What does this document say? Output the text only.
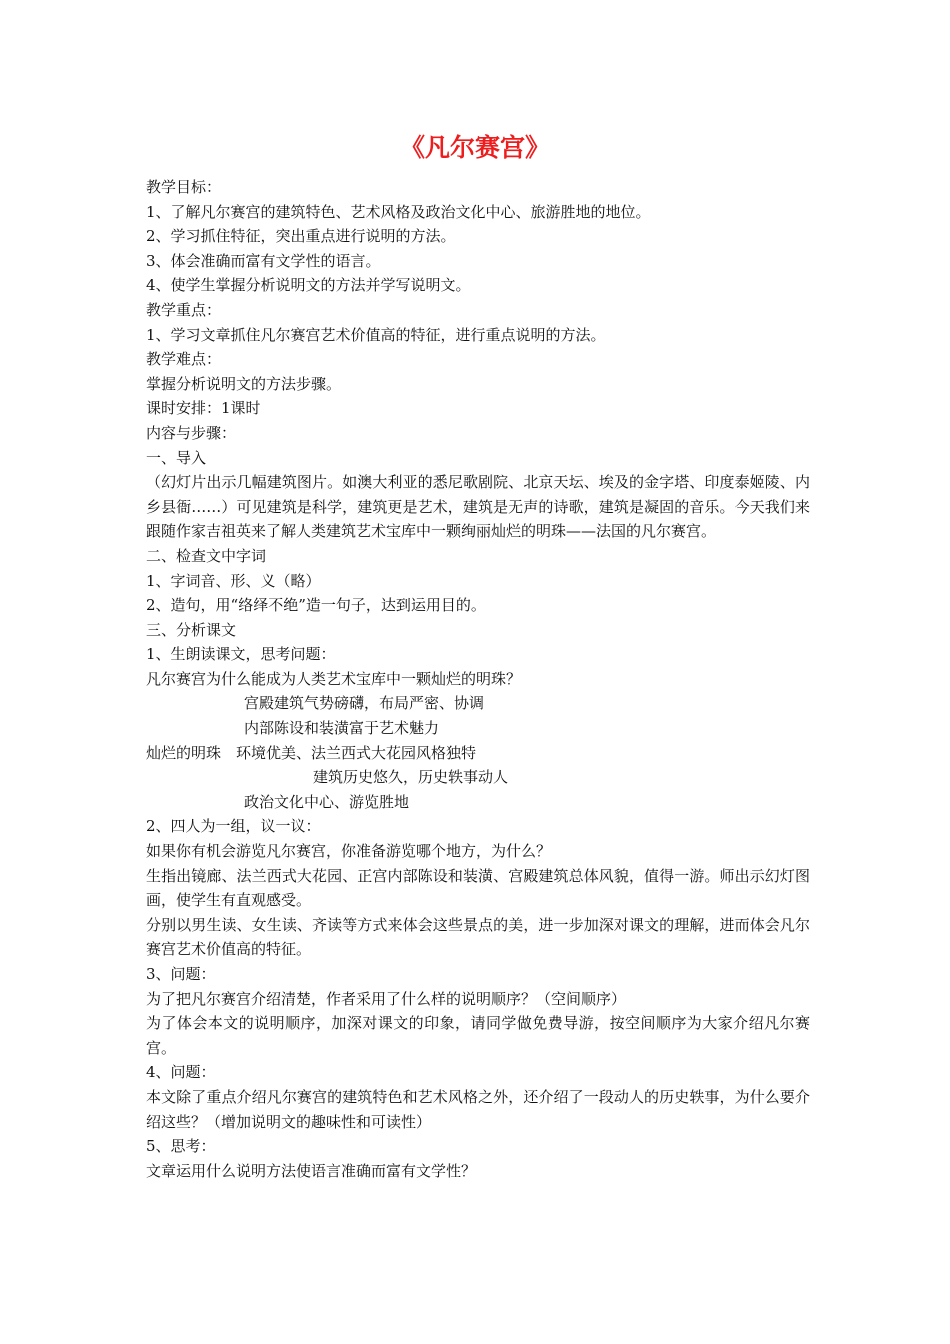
《凡尔赛宫》

教学目标：

1、了解凡尔赛宫的建筑特色、艺术风格及政治文化中心、旅游胜地的地位。

2、学习抓住特征，突出重点进行说明的方法。

3、体会准确而富有文学性的语言。

4、使学生掌握分析说明文的方法并学写说明文。

教学重点：

1、学习文章抓住凡尔赛宫艺术价值高的特征，进行重点说明的方法。

教学难点：

掌握分析说明文的方法步骤。

课时安排：1课时

内容与步骤：

一、导入

（幻灯片出示几幅建筑图片。如澳大利亚的悉尼歌剧院、北京天坛、埃及的金字塔、印度泰姬陵、内乡县衙……）可见建筑是科学，建筑更是艺术，建筑是无声的诗歌，建筑是凝固的音乐。今天我们来跟随作家吉祖英来了解人类建筑艺术宝库中一颗绚丽灿烂的明珠——法国的凡尔赛宫。

二、检查文中字词

1、字词音、形、义（略）

2、造句，用“络绎不绝”造一句子，达到运用目的。

三、分析课文

1、生朗读课文，思考问题：

凡尔赛宫为什么能成为人类艺术宝库中一颗灿烂的明珠？

宫殿建筑气势磅礴，布局严密、协调

内部陈设和装潢富于艺术魅力

灿烂的明珠　环境优美、法兰西式大花园风格独特

建筑历史悠久，历史轶事动人

政治文化中心、游览胜地

2、四人为一组，议一议：

如果你有机会游览凡尔赛宫，你准备游览哪个地方，为什么？

生指出镜廊、法兰西式大花园、正宫内部陈设和装潢、宫殿建筑总体风貌，值得一游。师出示幻灯图画，使学生有直观感受。

分别以男生读、女生读、齐读等方式来体会这些景点的美，进一步加深对课文的理解，进而体会凡尔赛宫艺术价值高的特征。

3、问题：

为了把凡尔赛宫介绍清楚，作者采用了什么样的说明顺序？（空间顺序）

为了体会本文的说明顺序，加深对课文的印象，请同学做免费导游，按空间顺序为大家介绍凡尔赛宫。

4、问题：

本文除了重点介绍凡尔赛宫的建筑特色和艺术风格之外，还介绍了一段动人的历史轶事，为什么要介绍这些？（增加说明文的趣味性和可读性）

5、思考：

文章运用什么说明方法使语言准确而富有文学性？
